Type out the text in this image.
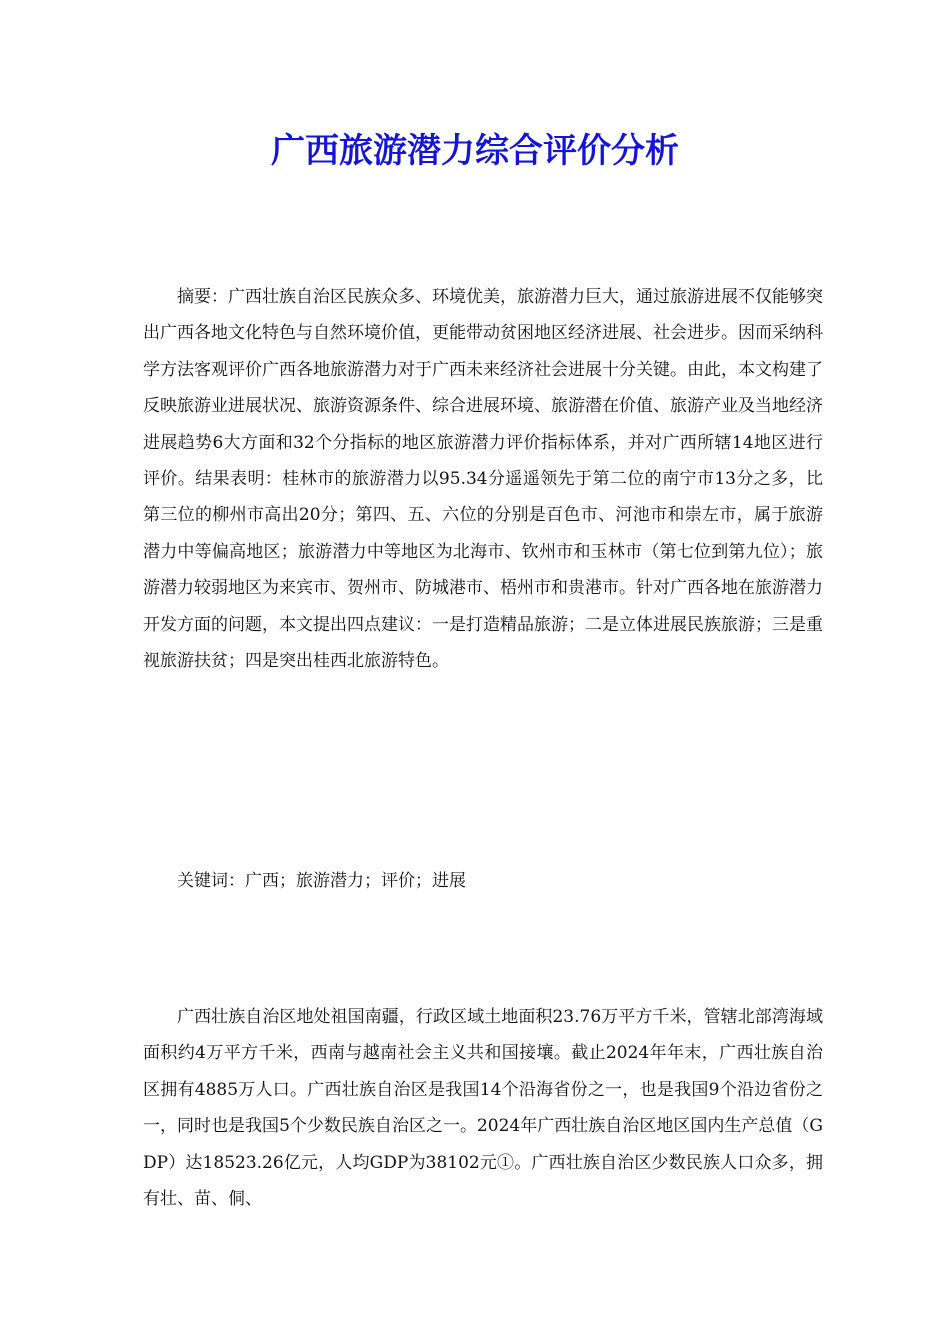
广西旅游潜力综合评价分析

摘要：广西壮族自治区民族众多、环境优美，旅游潜力巨大，通过旅游进展不仅能够突出广西各地文化特色与自然环境价值，更能带动贫困地区经济进展、社会进步。因而采纳科学方法客观评价广西各地旅游潜力对于广西未来经济社会进展十分关键。由此，本文构建了反映旅游业进展状况、旅游资源条件、综合进展环境、旅游潜在价值、旅游产业及当地经济进展趋势6大方面和32个分指标的地区旅游潜力评价指标体系，并对广西所辖14地区进行评价。结果表明：桂林市的旅游潜力以95.34分遥遥领先于第二位的南宁市13分之多，比第三位的柳州市高出20分；第四、五、六位的分别是百色市、河池市和崇左市，属于旅游潜力中等偏高地区；旅游潜力中等地区为北海市、钦州市和玉林市（第七位到第九位）；旅游潜力较弱地区为来宾市、贺州市、防城港市、梧州市和贵港市。针对广西各地在旅游潜力开发方面的问题，本文提出四点建议：一是打造精品旅游；二是立体进展民族旅游；三是重视旅游扶贫；四是突出桂西北旅游特色。

关键词：广西；旅游潜力；评价；进展

广西壮族自治区地处祖国南疆，行政区域土地面积23.76万平方千米，管辖北部湾海域面积约4万平方千米，西南与越南社会主义共和国接壤。截止2024年年末，广西壮族自治区拥有4885万人口。广西壮族自治区是我国14个沿海省份之一，也是我国9个沿边省份之一，同时也是我国5个少数民族自治区之一。2024年广西壮族自治区地区国内生产总值（GDP）达18523.26亿元，人均GDP为38102元①。广西壮族自治区少数民族人口众多，拥有壮、苗、侗、
